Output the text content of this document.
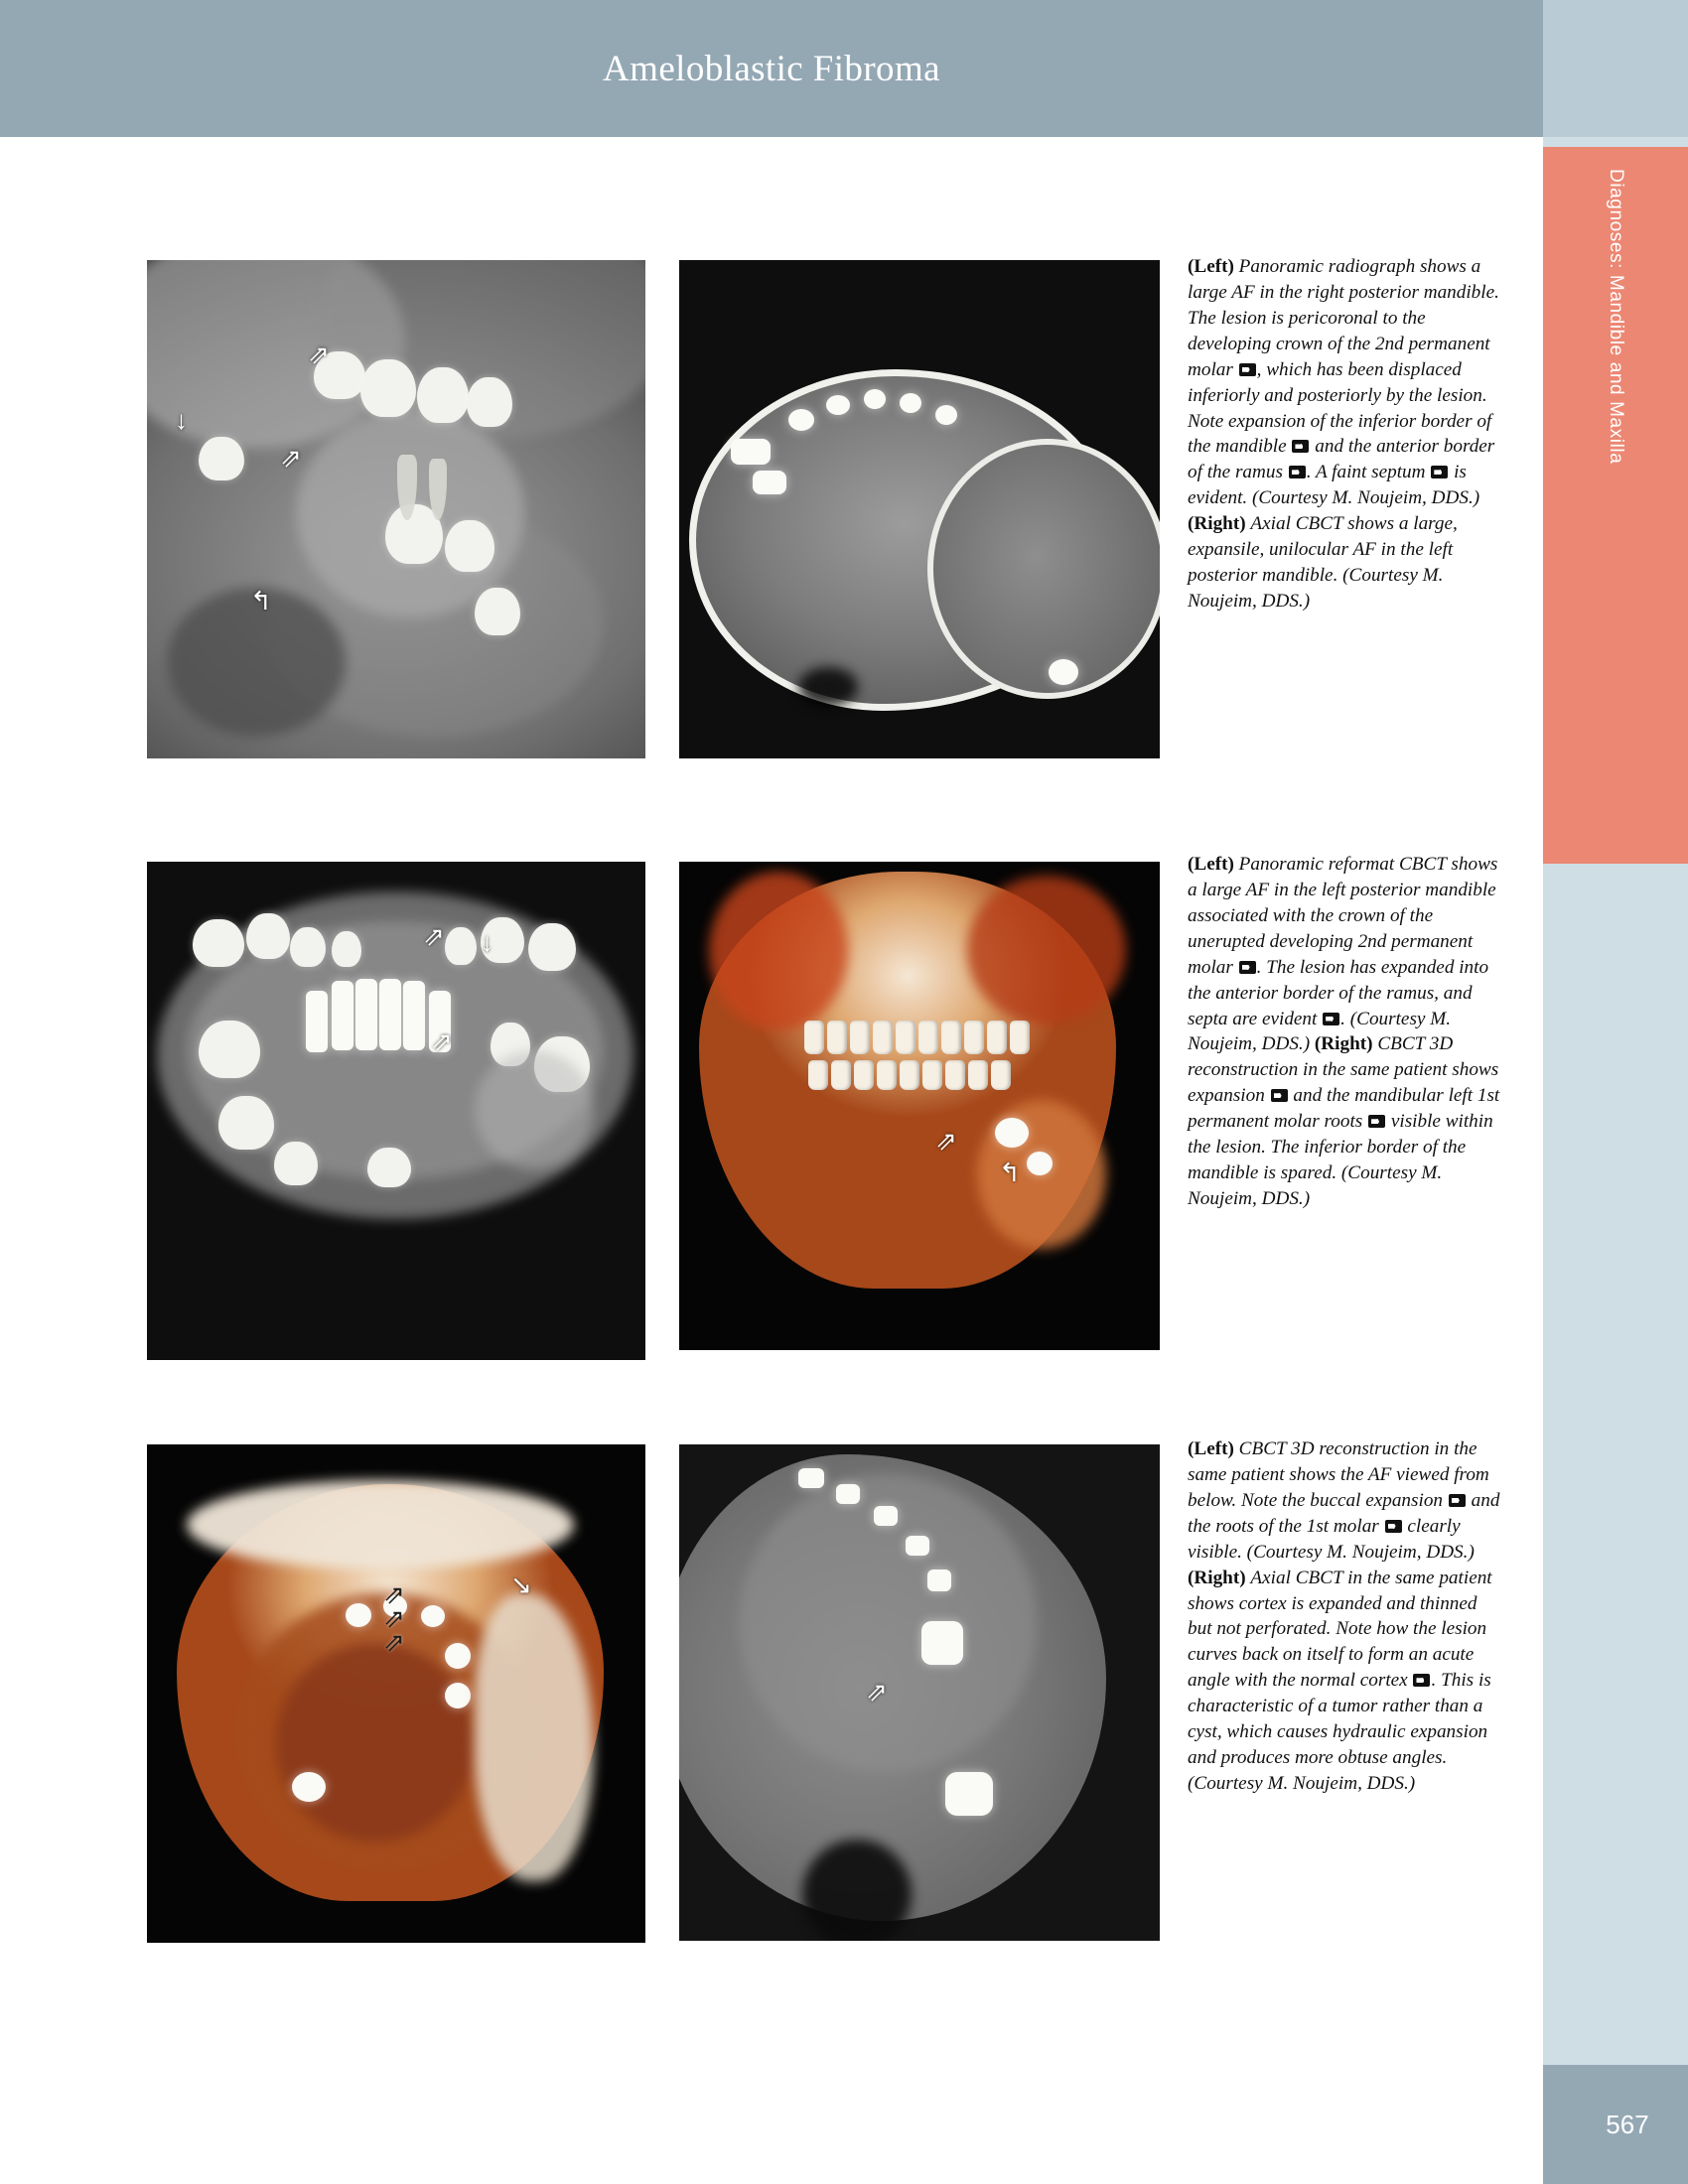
Ameloblastic Fibroma
Diagnoses: Mandible and Maxilla
567
⇗
↓
⇗
↰
(Left) Panoramic radiograph shows a large AF in the right posterior mandible. The lesion is pericoronal to the developing crown of the 2nd permanent molar , which has been displaced inferiorly and posteriorly by the lesion. Note expansion of the inferior border of the mandible  and the anterior border of the ramus . A faint septum  is evident. (Courtesy M. Noujeim, DDS.) (Right) Axial CBCT shows a large, expansile, unilocular AF in the left posterior mandible. (Courtesy M. Noujeim, DDS.)
⇗ ↓
⇗
⇗
↰
(Left) Panoramic reformat CBCT shows a large AF in the left posterior mandible associated with the crown of the unerupted developing 2nd permanent molar . The lesion has expanded into the anterior border of the ramus, and septa are evident . (Courtesy M. Noujeim, DDS.) (Right) CBCT 3D reconstruction in the same patient shows expansion  and the mandibular left 1st permanent molar roots  visible within the lesion. The inferior border of the mandible is spared. (Courtesy M. Noujeim, DDS.)
⇗
⇗
⇗
↘
⇗
(Left) CBCT 3D reconstruction in the same patient shows the AF viewed from below. Note the buccal expansion  and the roots of the 1st molar  clearly visible. (Courtesy M. Noujeim, DDS.) (Right) Axial CBCT in the same patient shows cortex is expanded and thinned but not perforated. Note how the lesion curves back on itself to form an acute angle with the normal cortex . This is characteristic of a tumor rather than a cyst, which causes hydraulic expansion and produces more obtuse angles. (Courtesy M. Noujeim, DDS.)
